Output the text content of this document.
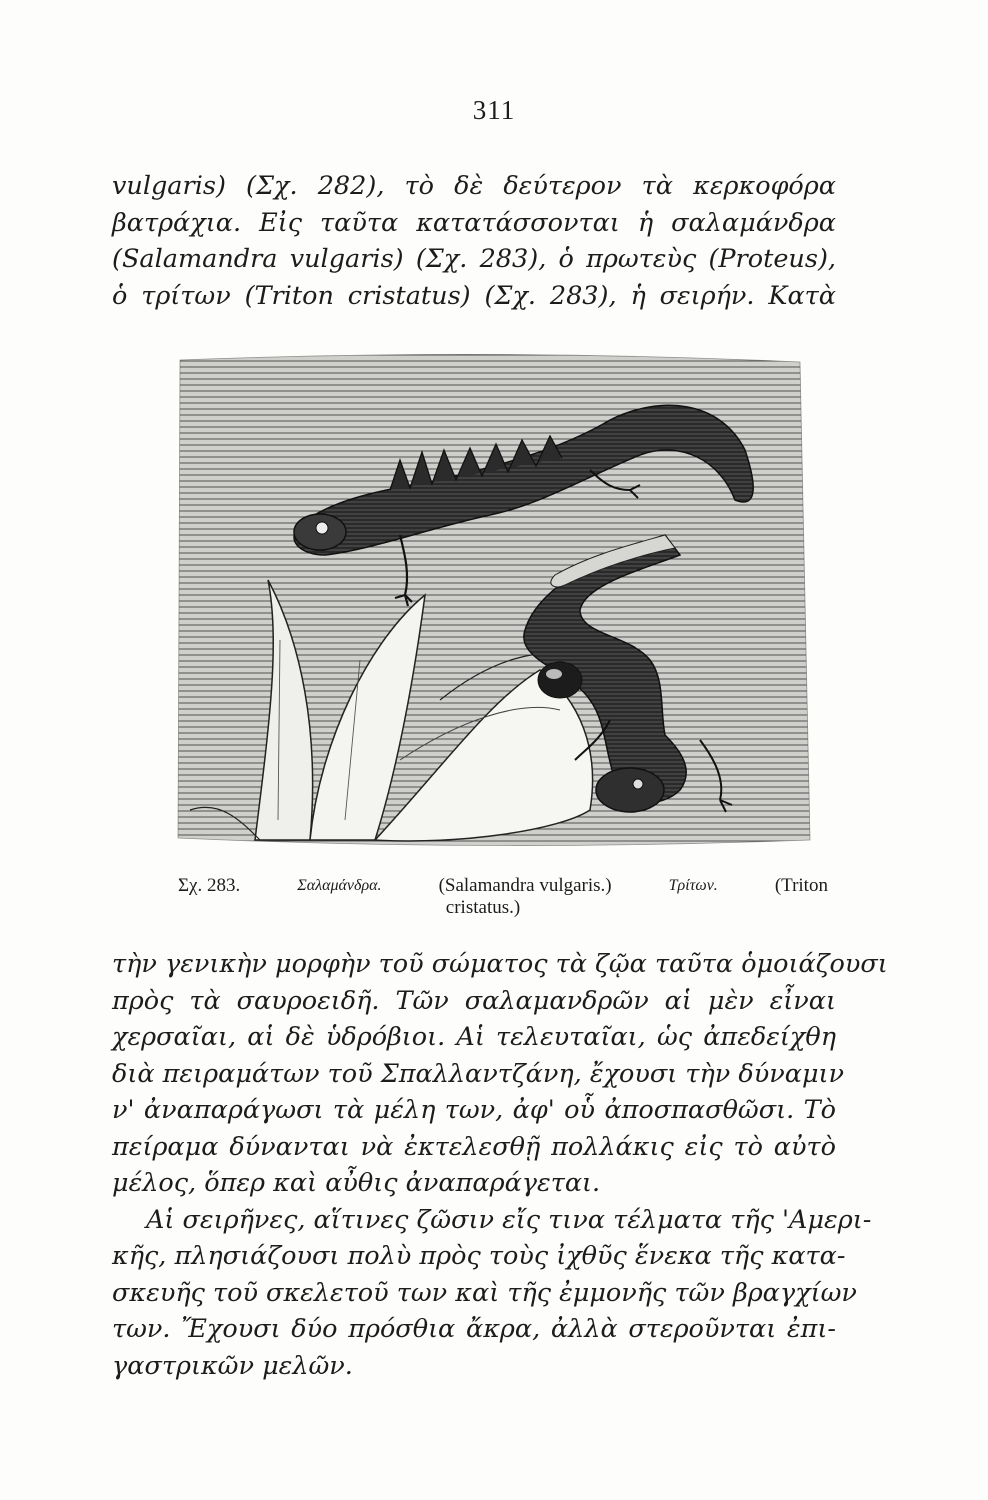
311
vulgaris) (Σχ. 282), τὸ δὲ δεύτερον τὰ κερκοφόρα
βατράχια. Εἰς ταῦτα κατατάσσονται ἡ σαλαμάνδρα
(Salamandra vulgaris) (Σχ. 283), ὁ πρωτεὺς (Proteus),
ὁ τρίτων (Triton cristatus) (Σχ. 283), ἡ σειρήν. Κατὰ
Σχ. 283.	Σαλαμάνδρα.	(Salamandra vulgaris.)	Τρίτων.	(Triton
cristatus.)
τὴν γενικὴν μορφὴν τοῦ σώματος τὰ ζῷα ταῦτα ὁμοιάζουσι
πρὸς τὰ σαυροειδῆ. Τῶν σαλαμανδρῶν αἱ μὲν εἶναι
χερσαῖαι, αἱ δὲ ὑδρόβιοι. Αἱ τελευταῖαι, ὡς ἀπεδείχθη
διὰ πειραμάτων τοῦ Σπαλλαντζάνη, ἔχουσι τὴν δύναμιν
ν' ἀναπαράγωσι τὰ μέλη των, ἀφ' οὗ ἀποσπασθῶσι. Τὸ
πείραμα δύνανται νὰ ἐκτελεσθῇ πολλάκις εἰς τὸ αὐτὸ
μέλος, ὅπερ καὶ αὖθις ἀναπαράγεται.
Αἱ σειρῆνες, αἵτινες ζῶσιν εἴς τινα τέλματα τῆς 'Αμερι-
κῆς, πλησιάζουσι πολὺ πρὸς τοὺς ἰχθῦς ἕνεκα τῆς κατα-
σκευῆς τοῦ σκελετοῦ των καὶ τῆς ἐμμονῆς τῶν βραγχίων
των. Ἔχουσι δύο πρόσθια ἄκρα, ἀλλὰ στεροῦνται ἐπι-
γαστρικῶν μελῶν.
